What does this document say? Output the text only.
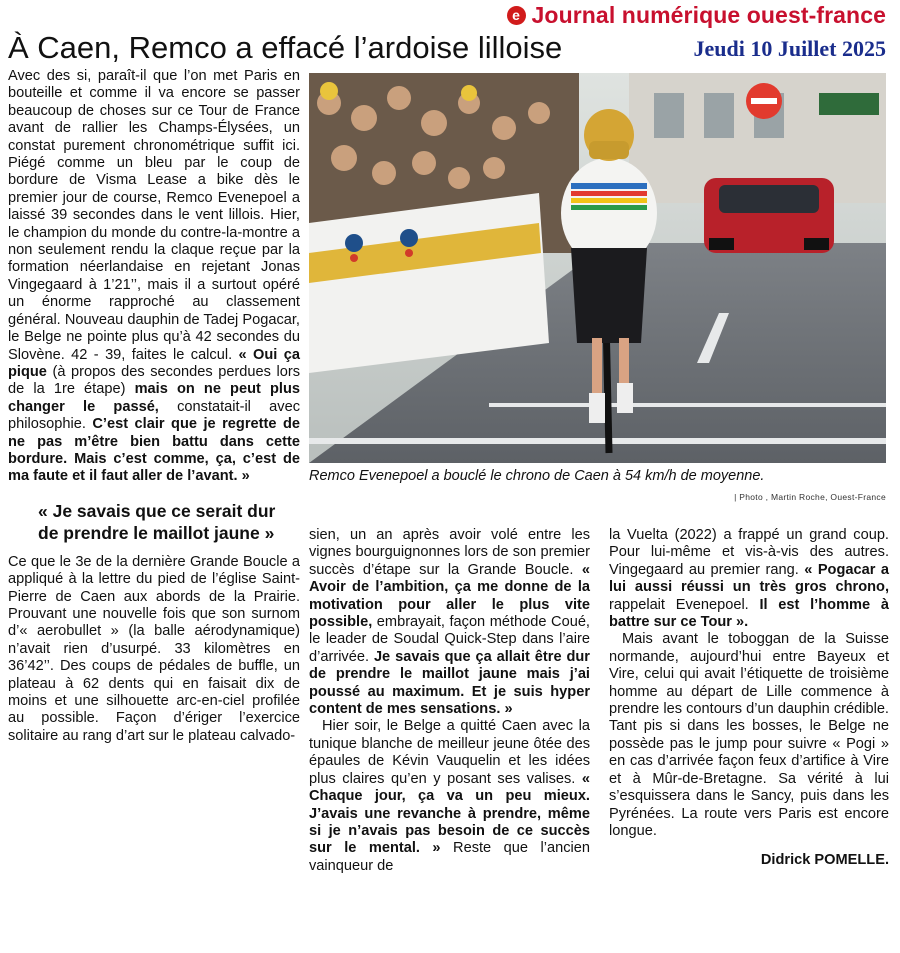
e Journal numérique ouest-france
À Caen, Remco a effacé l’ardoise lilloise	Jeudi 10 Juillet 2025

Avec des si, paraît-il que l’on met Paris en bouteille et comme il va encore se passer beaucoup de choses sur ce Tour de France avant de rallier les Champs-Élysées, un constat purement chronométrique suffit ici. Piégé comme un bleu par le coup de bordure de Visma Lease a bike dès le premier jour de course, Remco Evenepoel a laissé 39 secondes dans le vent lillois. Hier, le champion du monde du contre-la-montre a non seulement rendu la claque reçue par la formation néerlandaise en rejetant Jonas Vingegaard à 1’21’’, mais il a surtout opéré un énorme rapproché au classement général. Nouveau dauphin de Tadej Pogacar, le Belge ne pointe plus qu’à 42 secondes du Slovène. 42 - 39, faites le calcul. « Oui ça pique (à propos des secondes perdues lors de la 1re étape) mais on ne peut plus changer le passé, constatait-il avec philosophie. C’est clair que je regrette de ne pas m’être bien battu dans cette bordure. Mais c’est comme, ça, c’est de ma faute et il faut aller de l’avant. »

« Je savais que ce serait dur de prendre le maillot jaune »

Ce que le 3e de la dernière Grande Boucle a appliqué à la lettre du pied de l’église Saint-Pierre de Caen aux abords de la Prairie. Prouvant une nouvelle fois que son surnom d’« aerobullet » (la balle aérodynamique) n’avait rien d’usurpé. 33 kilomètres en 36’42’’. Des coups de pédales de buffle, un plateau à 62 dents qui en faisait dix de moins et une silhouette arc-en-ciel profilée au possible. Façon d’ériger l’exercice solitaire au rang d’art sur le plateau calvado-

Remco Evenepoel a bouclé le chrono de Caen à 54 km/h de moyenne.
| Photo , Martin Roche, Ouest-France

sien, un an après avoir volé entre les vignes bourguignonnes lors de son premier succès d’étape sur la Grande Boucle. « Avoir de l’ambition, ça me donne de la motivation pour aller le plus vite possible, embrayait, façon méthode Coué, le leader de Soudal Quick-Step dans l’aire d’arrivée. Je savais que ça allait être dur de prendre le maillot jaune mais j’ai poussé au maximum. Et je suis hyper content de mes sensations. »

Hier soir, le Belge a quitté Caen avec la tunique blanche de meilleur jeune ôtée des épaules de Kévin Vauquelin et les idées plus claires qu’en y posant ses valises. « Chaque jour, ça va un peu mieux. J’avais une revanche à prendre, même si je n’avais pas besoin de ce succès sur le mental. » Reste que l’ancien vainqueur de

la Vuelta (2022) a frappé un grand coup. Pour lui-même et vis-à-vis des autres. Vingegaard au premier rang. « Pogacar a lui aussi réussi un très gros chrono, rappelait Evenepoel. Il est l’homme à battre sur ce Tour ».

Mais avant le toboggan de la Suisse normande, aujourd’hui entre Bayeux et Vire, celui qui avait l’étiquette de troisième homme au départ de Lille commence à prendre les contours d’un dauphin crédible. Tant pis si dans les bosses, le Belge ne possède pas le jump pour suivre « Pogi » en cas d’arrivée façon feux d’artifice à Vire et à Mûr-de-Bretagne. Sa vérité à lui s’esquissera dans le Sancy, puis dans les Pyrénées. La route vers Paris est encore longue.

Didrick POMELLE.
